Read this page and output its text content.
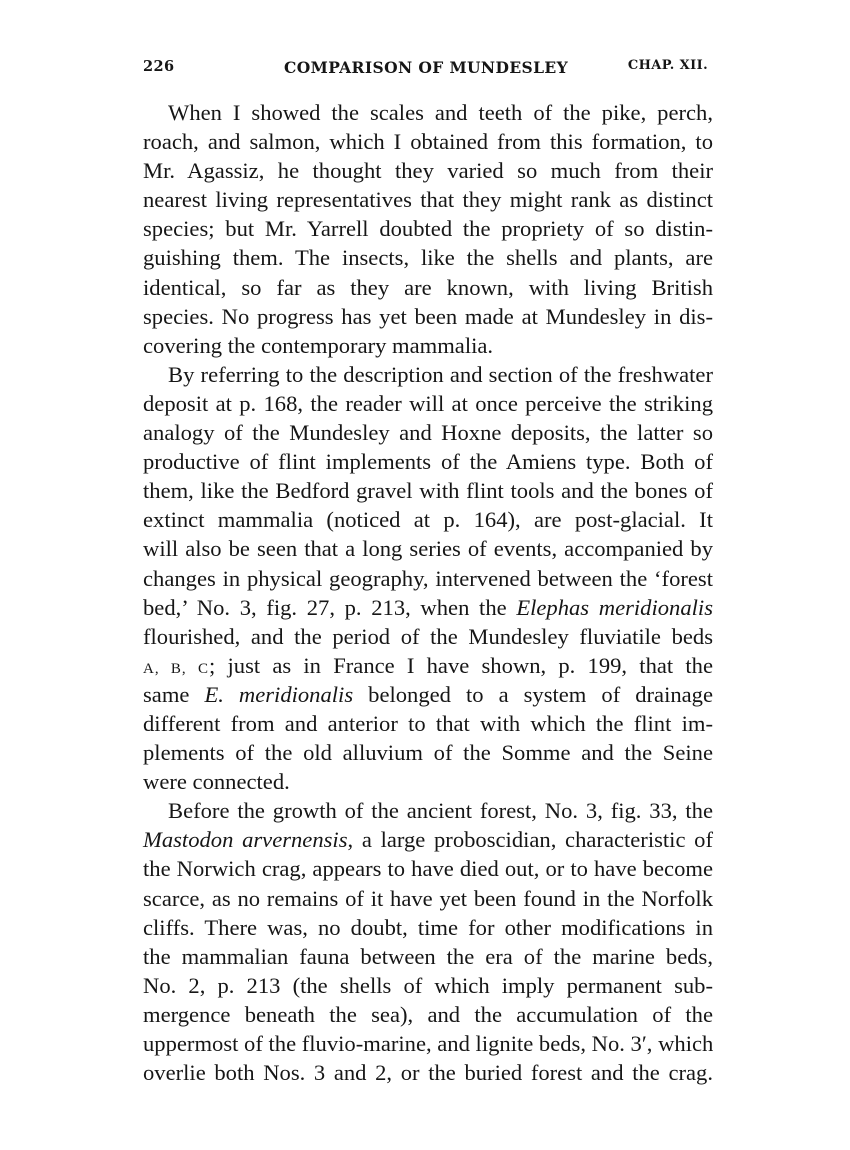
226	COMPARISON OF MUNDESLEY	CHAP. XII.
When I showed the scales and teeth of the pike, perch,
roach, and salmon, which I obtained from this formation, to
Mr. Agassiz, he thought they varied so much from their
nearest living representatives that they might rank as distinct
species; but Mr. Yarrell doubted the propriety of so distin-
guishing them. The insects, like the shells and plants, are
identical, so far as they are known, with living British
species. No progress has yet been made at Mundesley in dis-
covering the contemporary mammalia.
By referring to the description and section of the freshwater
deposit at p. 168, the reader will at once perceive the striking
analogy of the Mundesley and Hoxne deposits, the latter so
productive of flint implements of the Amiens type. Both of
them, like the Bedford gravel with flint tools and the bones of
extinct mammalia (noticed at p. 164), are post-glacial. It
will also be seen that a long series of events, accompanied by
changes in physical geography, intervened between the ‘forest
bed,’ No. 3, fig. 27, p. 213, when the Elephas meridionalis
flourished, and the period of the Mundesley fluviatile beds
A, B, C; just as in France I have shown, p. 199, that the
same E. meridionalis belonged to a system of drainage
different from and anterior to that with which the flint im-
plements of the old alluvium of the Somme and the Seine
were connected.
Before the growth of the ancient forest, No. 3, fig. 33, the
Mastodon arvernensis, a large proboscidian, characteristic of
the Norwich crag, appears to have died out, or to have become
scarce, as no remains of it have yet been found in the Norfolk
cliffs. There was, no doubt, time for other modifications in
the mammalian fauna between the era of the marine beds,
No. 2, p. 213 (the shells of which imply permanent sub-
mergence beneath the sea), and the accumulation of the
uppermost of the fluvio-marine, and lignite beds, No. 3′, which
overlie both Nos. 3 and 2, or the buried forest and the crag.
